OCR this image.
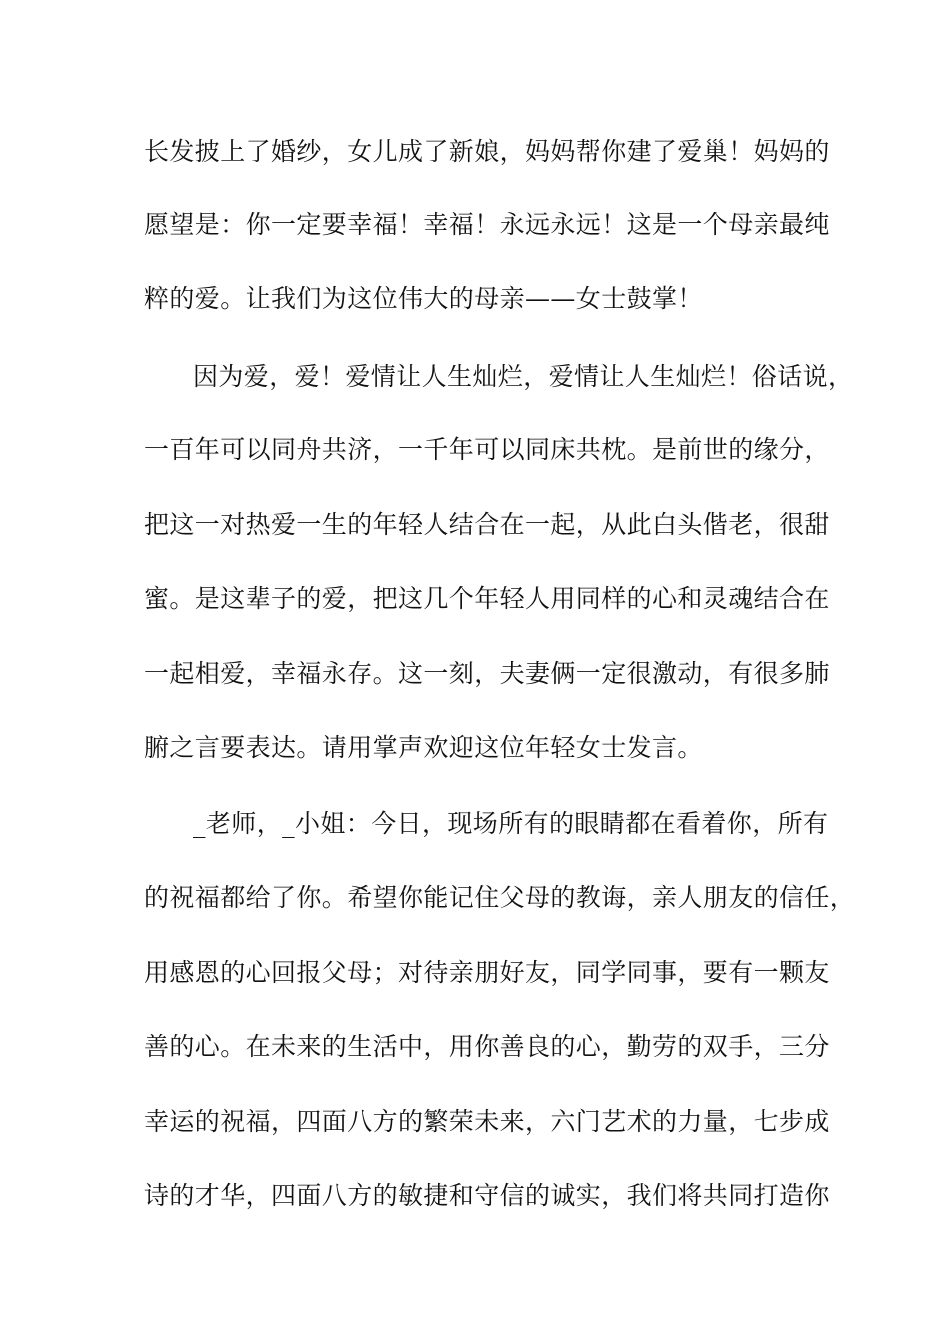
长发披上了婚纱，女儿成了新娘，妈妈帮你建了爱巢！妈妈的
愿望是：你一定要幸福！幸福！永远永远！这是一个母亲最纯
粹的爱。让我们为这位伟大的母亲——女士鼓掌！
因为爱，爱！爱情让人生灿烂，爱情让人生灿烂！俗话说，
一百年可以同舟共济，一千年可以同床共枕。是前世的缘分，
把这一对热爱一生的年轻人结合在一起，从此白头偕老，很甜
蜜。是这辈子的爱，把这几个年轻人用同样的心和灵魂结合在
一起相爱，幸福永存。这一刻，夫妻俩一定很激动，有很多肺
腑之言要表达。请用掌声欢迎这位年轻女士发言。
_老师，_小姐：今日，现场所有的眼睛都在看着你，所有
的祝福都给了你。希望你能记住父母的教诲，亲人朋友的信任，
用感恩的心回报父母；对待亲朋好友，同学同事，要有一颗友
善的心。在未来的生活中，用你善良的心，勤劳的双手，三分
幸运的祝福，四面八方的繁荣未来，六门艺术的力量，七步成
诗的才华，四面八方的敏捷和守信的诚实，我们将共同打造你
